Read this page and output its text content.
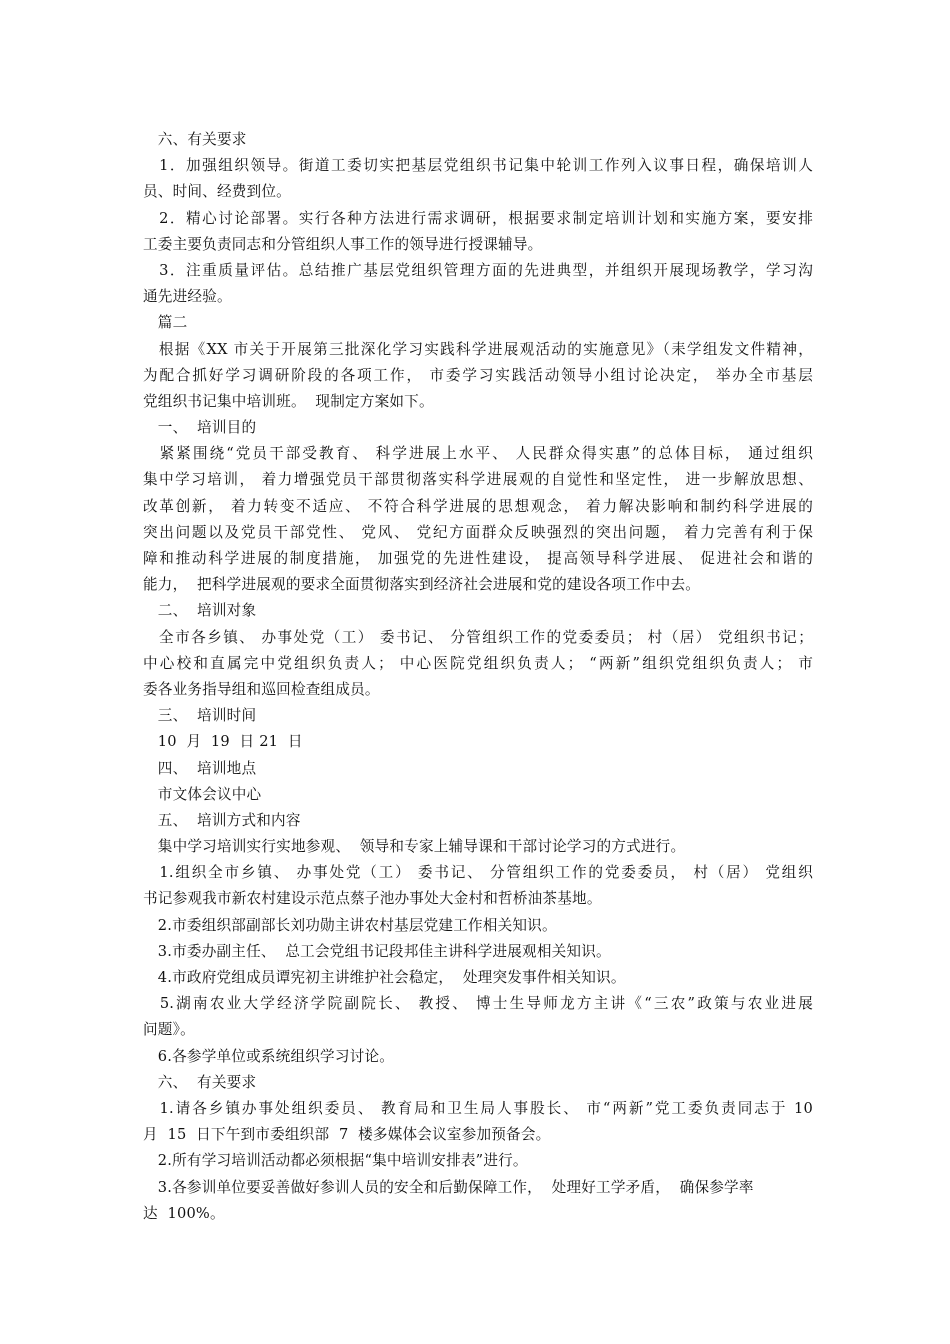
　六、有关要求
　1．加强组织领导。街道工委切实把基层党组织书记集中轮训工作列入议事日程，确保培训人
员、时间、经费到位。
　2．精心讨论部署。实行各种方法进行需求调研，根据要求制定培训计划和实施方案，要安排
工委主要负责同志和分管组织人事工作的领导进行授课辅导。
　3．注重质量评估。总结推广基层党组织管理方面的先进典型，并组织开展现场教学，学习沟
通先进经验。
　篇二
　根据《XX 市关于开展第三批深化学习实践科学进展观活动的实施意见》（耒学组发文件精神，
为配合抓好学习调研阶段的各项工作， 市委学习实践活动领导小组讨论决定， 举办全市基层
党组织书记集中培训班。  现制定方案如下。
　一、  培训目的
　紧紧围绕“党员干部受教育、 科学进展上水平、 人民群众得实惠”的总体目标， 通过组织
集中学习培训， 着力增强党员干部贯彻落实科学进展观的自觉性和坚定性， 进一步解放思想、
改革创新， 着力转变不适应、 不符合科学进展的思想观念， 着力解决影响和制约科学进展的
突出问题以及党员干部党性、 党风、 党纪方面群众反映强烈的突出问题， 着力完善有利于保
障和推动科学进展的制度措施， 加强党的先进性建设， 提高领导科学进展、 促进社会和谐的
能力，  把科学进展观的要求全面贯彻落实到经济社会进展和党的建设各项工作中去。
　二、  培训对象
　全市各乡镇、 办事处党（工） 委书记、 分管组织工作的党委委员； 村（居） 党组织书记；
中心校和直属完中党组织负责人； 中心医院党组织负责人； “两新”组织党组织负责人； 市
委各业务指导组和巡回检查组成员。
　三、  培训时间
　10  月  19  日 21  日
　四、  培训地点
　市文体会议中心
　五、  培训方式和内容
　集中学习培训实行实地参观、  领导和专家上辅导课和干部讨论学习的方式进行。
　1.组织全市乡镇、 办事处党（工） 委书记、 分管组织工作的党委委员， 村（居） 党组织
书记参观我市新农村建设示范点蔡子池办事处大金村和哲桥油茶基地。
　2.市委组织部副部长刘功勋主讲农村基层党建工作相关知识。
　3.市委办副主任、  总工会党组书记段邦佳主讲科学进展观相关知识。
　4.市政府党组成员谭宪初主讲维护社会稳定，  处理突发事件相关知识。
　5.湖南农业大学经济学院副院长、 教授、 博士生导师龙方主讲《“三农”政策与农业进展
问题》。
　6.各参学单位或系统组织学习讨论。
　六、  有关要求
　1.请各乡镇办事处组织委员、 教育局和卫生局人事股长、 市“两新”党工委负责同志于 10
月  15  日下午到市委组织部  7  楼多媒体会议室参加预备会。
　2.所有学习培训活动都必须根据“集中培训安排表”进行。
　3.各参训单位要妥善做好参训人员的安全和后勤保障工作，  处理好工学矛盾，  确保参学率
达  100%。
